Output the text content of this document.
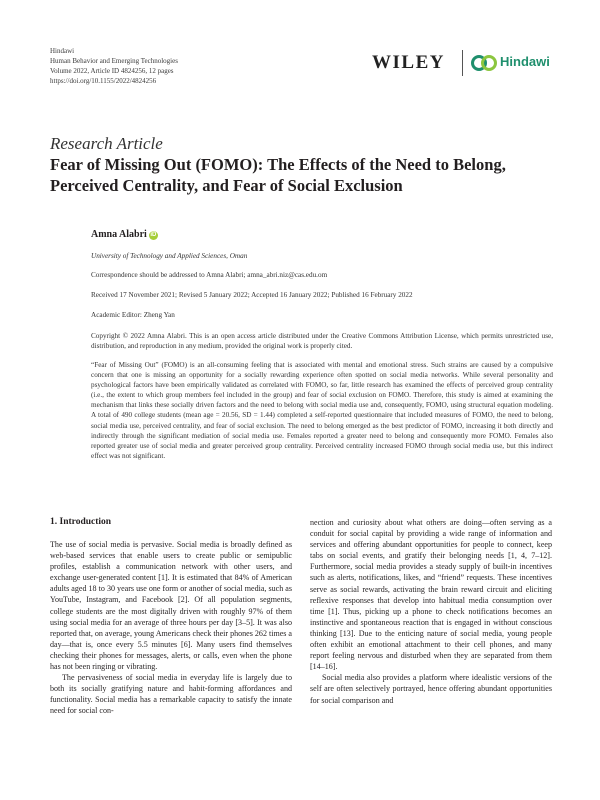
Hindawi
Human Behavior and Emerging Technologies
Volume 2022, Article ID 4824256, 12 pages
https://doi.org/10.1155/2022/4824256
WILEY	Hindawi
Research Article
Fear of Missing Out (FOMO): The Effects of the Need to Belong, Perceived Centrality, and Fear of Social Exclusion
Amna Alabri iD
University of Technology and Applied Sciences, Oman
Correspondence should be addressed to Amna Alabri; amna_abri.niz@cas.edu.om
Received 17 November 2021; Revised 5 January 2022; Accepted 16 January 2022; Published 16 February 2022
Academic Editor: Zheng Yan
Copyright © 2022 Amna Alabri. This is an open access article distributed under the Creative Commons Attribution License, which permits unrestricted use, distribution, and reproduction in any medium, provided the original work is properly cited.
“Fear of Missing Out” (FOMO) is an all-consuming feeling that is associated with mental and emotional stress. Such strains are caused by a compulsive concern that one is missing an opportunity for a socially rewarding experience often spotted on social media networks. While several personality and psychological factors have been empirically validated as correlated with FOMO, so far, little research has examined the effects of perceived group centrality (i.e., the extent to which group members feel included in the group) and fear of social exclusion on FOMO. Therefore, this study is aimed at examining the mechanism that links these socially driven factors and the need to belong with social media use and, consequently, FOMO, using structural equation modeling. A total of 490 college students (mean age = 20.56, SD = 1.44) completed a self-reported questionnaire that included measures of FOMO, the need to belong, social media use, perceived centrality, and fear of social exclusion. The need to belong emerged as the best predictor of FOMO, increasing it both directly and indirectly through the significant mediation of social media use. Females reported a greater need to belong and consequently more FOMO. Females also reported greater use of social media and greater perceived group centrality. Perceived centrality increased FOMO through social media use, but this indirect effect was not significant.
1. Introduction

The use of social media is pervasive. Social media is broadly defined as web-based services that enable users to create public or semipublic profiles, establish a communication network with other users, and exchange user-generated content [1]. It is estimated that 84% of American adults aged 18 to 30 years use one form or another of social media, such as YouTube, Instagram, and Facebook [2]. Of all population segments, college students are the most digitally driven with roughly 97% of them using social media for an average of three hours per day [3–5]. It was also reported that, on average, young Americans check their phones 262 times a day—that is, once every 5.5 minutes [6]. Many users find themselves checking their phones for messages, alerts, or calls, even when the phone has not been ringing or vibrating.

The pervasiveness of social media in everyday life is largely due to both its socially gratifying nature and habit-forming affordances and functionality. Social media has a remarkable capacity to satisfy the innate need for social con-

nection and curiosity about what others are doing—often serving as a conduit for social capital by providing a wide range of information and services and offering abundant opportunities for people to connect, keep tabs on social events, and gratify their belonging needs [1, 4, 7–12]. Furthermore, social media provides a steady supply of built-in incentives such as alerts, notifications, likes, and “friend” requests. These incentives serve as social rewards, activating the brain reward circuit and eliciting reflexive responses that develop into habitual media consumption over time [1]. Thus, picking up a phone to check notifications becomes an instinctive and spontaneous reaction that is engaged in without conscious thinking [13]. Due to the enticing nature of social media, young people often exhibit an emotional attachment to their cell phones, and many report feeling nervous and disturbed when they are separated from them [14–16].

Social media also provides a platform where idealistic versions of the self are often selectively portrayed, hence offering abundant opportunities for social comparison and
